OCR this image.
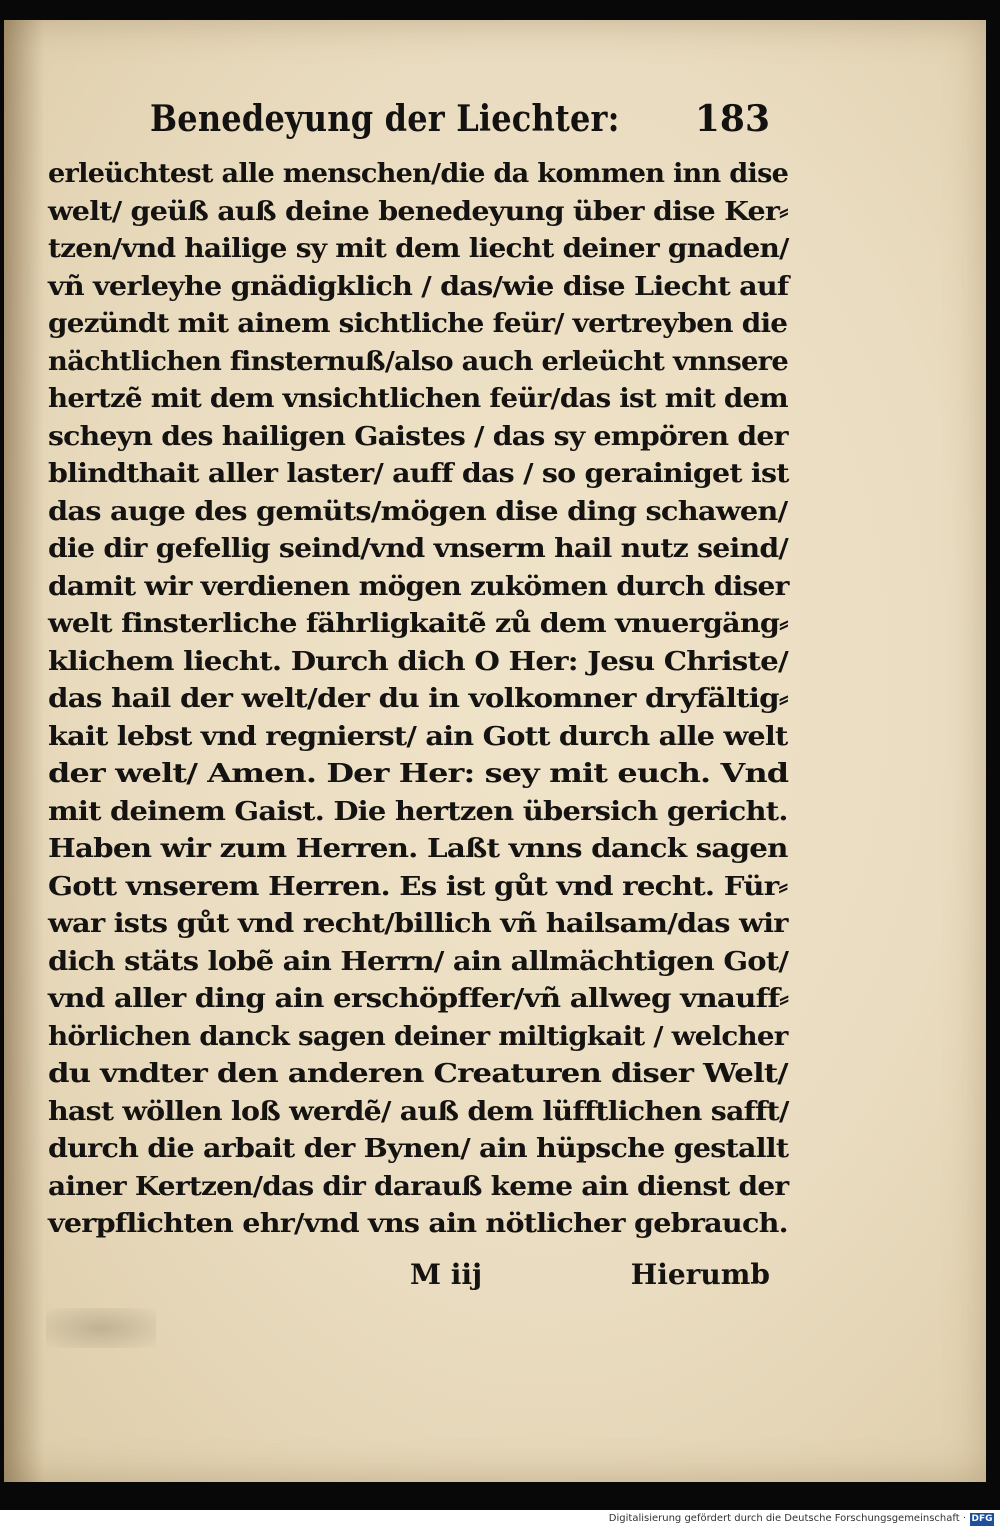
Benedeyung der Liechter: 183
erleüchtest alle menschen/die da kommen inn dise
welt/ geüß auß deine benedeyung über dise Ker⸗
tzen/vnd hailige sy mit dem liecht deiner gnaden/
vñ verleyhe gnädigklich / das/wie dise Liecht auf
gezündt mit ainem sichtliche feür/ vertreyben die
nächtlichen finsternuß/also auch erleücht vnnsere
hertzẽ mit dem vnsichtlichen feür/das ist mit dem
scheyn des hailigen Gaistes / das sy empören der
blindthait aller laster/ auff das / so gerainiget ist
das auge des gemüts/mögen dise ding schawen/
die dir gefellig seind/vnd vnserm hail nutz seind/
damit wir verdienen mögen zukömen durch diser
welt finsterliche fährligkaitẽ zů dem vnuergäng⸗
klichem liecht. Durch dich O Her: Jesu Christe/
das hail der welt/der du in volkomner dryfältig⸗
kait lebst vnd regnierst/ ain Gott durch alle welt
der welt/ Amen. Der Her: sey mit euch. Vnd
mit deinem Gaist. Die hertzen übersich gericht.
Haben wir zum Herren. Laßt vnns danck sagen
Gott vnserem Herren. Es ist gůt vnd recht. Für⸗
war ists gůt vnd recht/billich vñ hailsam/das wir
dich stäts lobẽ ain Herrn/ ain allmächtigen Got/
vnd aller ding ain erschöpffer/vñ allweg vnauff⸗
hörlichen danck sagen deiner miltigkait / welcher
du vndter den anderen Creaturen diser Welt/
hast wöllen loß werdẽ/ auß dem lüfftlichen safft/
durch die arbait der Bynen/ ain hüpsche gestallt
ainer Kertzen/das dir darauß keme ain dienst der
verpflichten ehr/vnd vns ain nötlicher gebrauch.
M iij	Hierumb
Digitalisierung gefördert durch die Deutsche Forschungsgemeinschaft · DFG
